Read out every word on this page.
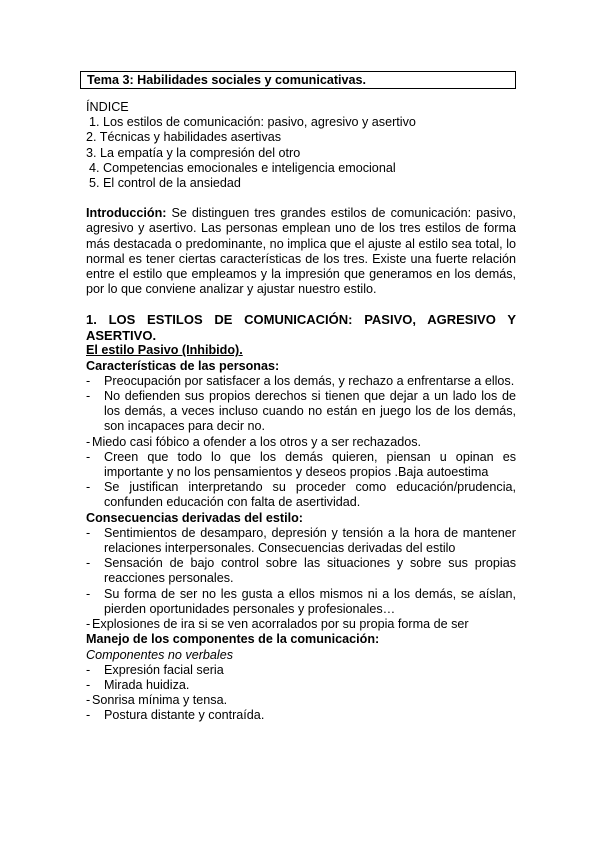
Tema 3: Habilidades sociales y comunicativas.
ÍNDICE
1. Los estilos de comunicación: pasivo, agresivo y asertivo
2. Técnicas y habilidades asertivas
3. La empatía y la compresión del otro
4. Competencias emocionales e inteligencia emocional
5. El control de la ansiedad
Introducción: Se distinguen tres grandes estilos de comunicación: pasivo, agresivo y asertivo. Las personas emplean uno de los tres estilos de forma más destacada o predominante, no implica que el ajuste al estilo sea total, lo normal es tener ciertas características de los tres. Existe una fuerte relación entre el estilo que empleamos y la impresión que generamos en los demás, por lo que conviene analizar y ajustar nuestro estilo.
1. LOS ESTILOS DE COMUNICACIÓN: PASIVO, AGRESIVO Y ASERTIVO.
El estilo Pasivo (Inhibido).
Características de las personas:
- Preocupación por satisfacer a los demás, y rechazo a enfrentarse a ellos.
- No defienden sus propios derechos si tienen que dejar a un lado los de los demás, a veces incluso cuando no están en juego los de los demás, son incapaces para decir no.
- Miedo casi fóbico a ofender a los otros y a ser rechazados.
- Creen que todo lo que los demás quieren, piensan u opinan es importante y no los pensamientos y deseos propios .Baja autoestima
- Se justifican interpretando su proceder como educación/prudencia, confunden educación con falta de asertividad.
Consecuencias derivadas del estilo:
- Sentimientos de desamparo, depresión y tensión a la hora de mantener relaciones interpersonales. Consecuencias derivadas del estilo
- Sensación de bajo control sobre las situaciones y sobre sus propias reacciones personales.
- Su forma de ser no les gusta a ellos mismos ni a los demás, se aíslan, pierden oportunidades personales y profesionales…
- Explosiones de ira si se ven acorralados por su propia forma de ser
Manejo de los componentes de la comunicación:
Componentes no verbales
- Expresión facial seria
- Mirada huidiza.
- Sonrisa mínima y tensa.
- Postura distante y contraída.
